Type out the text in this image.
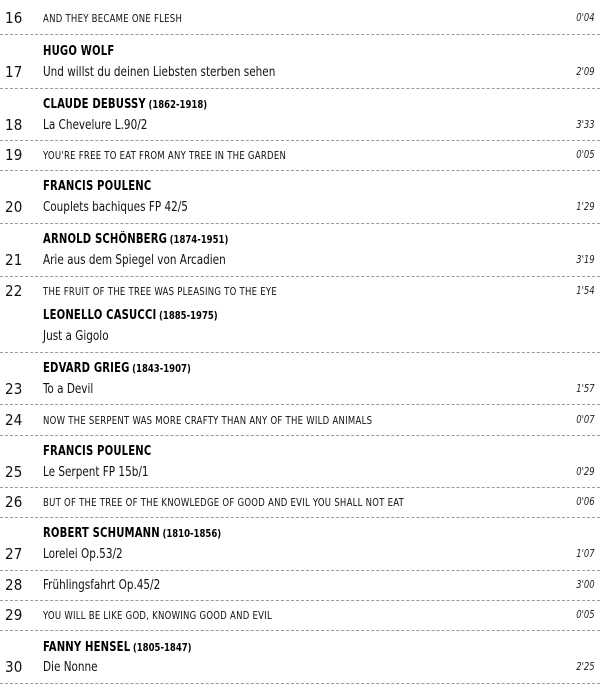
16 AND THEY BECAME ONE FLESH	0'04
HUGO WOLF
17 Und willst du deinen Liebsten sterben sehen	2'09
CLAUDE DEBUSSY (1862-1918)
18 La Chevelure L.90/2	3'33
19 YOU'RE FREE TO EAT FROM ANY TREE IN THE GARDEN	0'05
FRANCIS POULENC
20 Couplets bachiques FP 42/5	1'29
ARNOLD SCHÖNBERG (1874-1951)
21 Arie aus dem Spiegel von Arcadien	3'19
22 THE FRUIT OF THE TREE WAS PLEASING TO THE EYE	1'54
LEONELLO CASUCCI (1885-1975)
Just a Gigolo
EDVARD GRIEG (1843-1907)
23 To a Devil	1'57
24 NOW THE SERPENT WAS MORE CRAFTY THAN ANY OF THE WILD ANIMALS	0'07
FRANCIS POULENC
25 Le Serpent FP 15b/1	0'29
26 BUT OF THE TREE OF THE KNOWLEDGE OF GOOD AND EVIL YOU SHALL NOT EAT	0'06
ROBERT SCHUMANN (1810-1856)
27 Lorelei Op.53/2	1'07
28 Frühlingsfahrt Op.45/2	3'00
29 YOU WILL BE LIKE GOD, KNOWING GOOD AND EVIL	0'05
FANNY HENSEL (1805-1847)
30 Die Nonne	2'25
